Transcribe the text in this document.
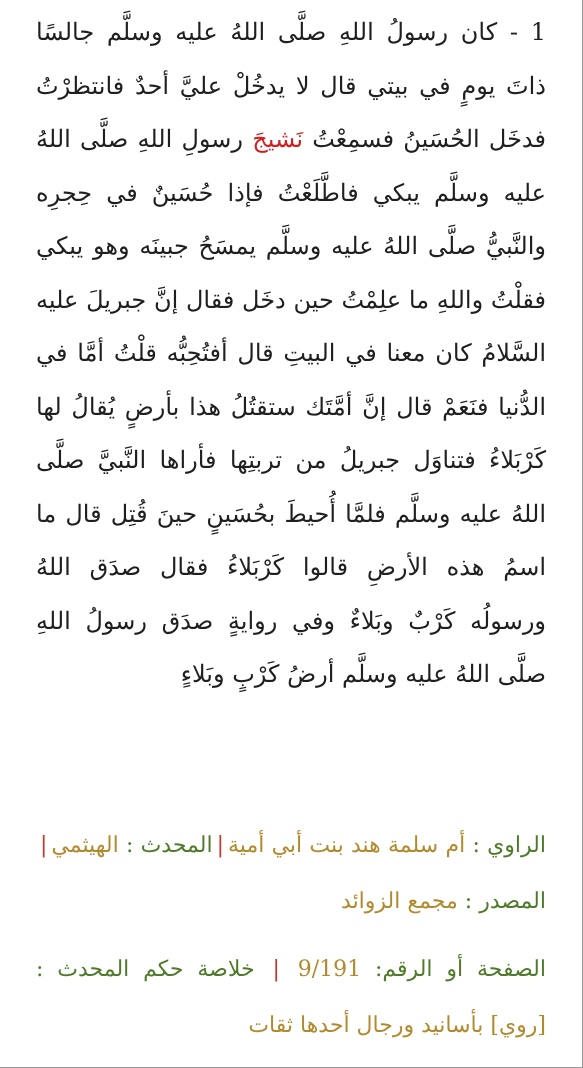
1 - كان رسولُ اللهِ صلَّى اللهُ عليه وسلَّم جالسًا ذاتَ يومٍ في بيتي قال لا يدخُلْ عليَّ أحدٌ فانتظرْتُ فدخَل الحُسَينُ فسمِعْتُ نَشيجَ رسولِ اللهِ صلَّى اللهُ عليه وسلَّم يبكي فاطَّلَعْتُ فإذا حُسَينٌ في حِجرِه والنَّبيُّ صلَّى اللهُ عليه وسلَّم يمسَحُ جبينَه وهو يبكي فقلْتُ واللهِ ما علِمْتُ حين دخَل فقال إنَّ جبريلَ عليه السَّلامُ كان معنا في البيتِ قال أفتُحِبُّه قلْتُ أمَّا في الدُّنيا فنَعَمْ قال إنَّ أمَّتَك ستقتُلُ هذا بأرضٍ يُقالُ لها كَرْبَلاءُ فتناوَل جبريلُ من تربتِها فأراها النَّبيَّ صلَّى اللهُ عليه وسلَّم فلمَّا أُحيطَ بحُسَينٍ حينَ قُتِل قال ما اسمُ هذه الأرضِ قالوا كَرْبَلاءُ فقال صدَق اللهُ ورسولُه كَرْبٌ وبَلاءٌ وفي روايةٍ صدَق رسولُ اللهِ صلَّى اللهُ عليه وسلَّم أرضُ كَرْبٍ وبَلاءٍ
الراوي : أم سلمة هند بنت أبي أمية|المحدث : الهيثمي|المصدر : مجمع الزوائد
الصفحة أو الرقم: 9/191 | خلاصة حكم المحدث : [روي] بأسانيد ورجال أحدها ثقات
